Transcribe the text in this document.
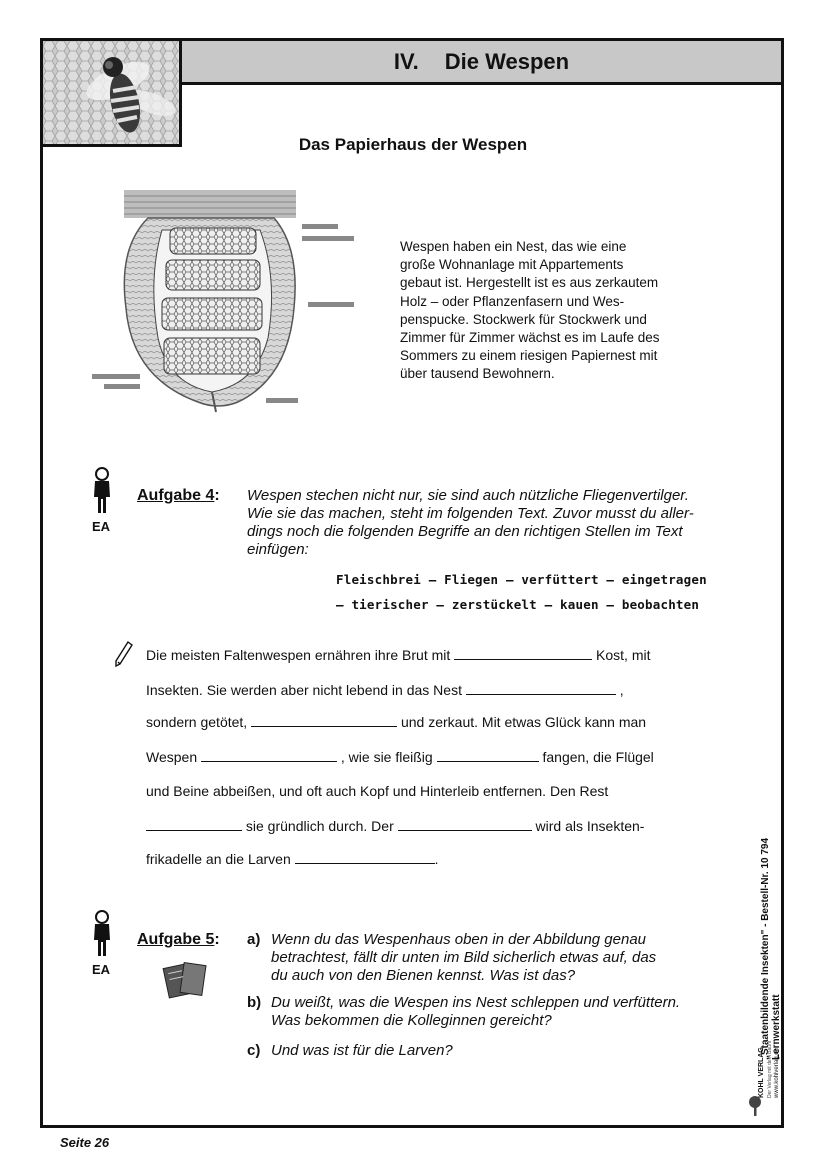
IV. Die Wespen
Das Papierhaus der Wespen
Wespen haben ein Nest, das wie eine
große Wohnanlage mit Appartements
gebaut ist. Hergestellt ist es aus zerkautem
Holz – oder Pflanzenfasern und Wes-
penspucke. Stockwerk für Stockwerk und
Zimmer für Zimmer wächst es im Laufe des
Sommers zu einem riesigen Papiernest mit
über tausend Bewohnern.
EA
Aufgabe 4: Wespen stechen nicht nur, sie sind auch nützliche Fliegenvertilger.
Wie sie das machen, steht im folgenden Text. Zuvor musst du aller-
dings noch die folgenden Begriffe an den richtigen Stellen im Text
einfügen:
Fleischbrei – Fliegen – verfüttert – eingetragen
– tierischer – zerstückelt – kauen – beobachten
Die meisten Faltenwespen ernähren ihre Brut mit	Kost, mit
Insekten. Sie werden aber nicht lebend in das Nest	,
sondern getötet,	und zerkaut. Mit etwas Glück kann man
Wespen	, wie sie fleißig	fangen, die Flügel
und Beine abbeißen, und oft auch Kopf und Hinterleib entfernen. Den Rest
sie gründlich durch. Der	wird als Insekten-
frikadelle an die Larven	.
EA
Aufgabe 5: a) Wenn du das Wespenhaus oben in der Abbildung genau
betrachtest, fällt dir unten im Bild sicherlich etwas auf, das
du auch von den Bienen kennst. Was ist das?
b) Du weißt, was die Wespen ins Nest schleppen und verfüttern.
Was bekommen die Kolleginnen gereicht?
c) Und was ist für die Larven?	Lernwerkstatt
„Staatenbildende Insekten" - Bestell-Nr. 10 794
KOHL VERLAG Der Verlag mit dem Baum www.kohlverlag.de
Seite 26
